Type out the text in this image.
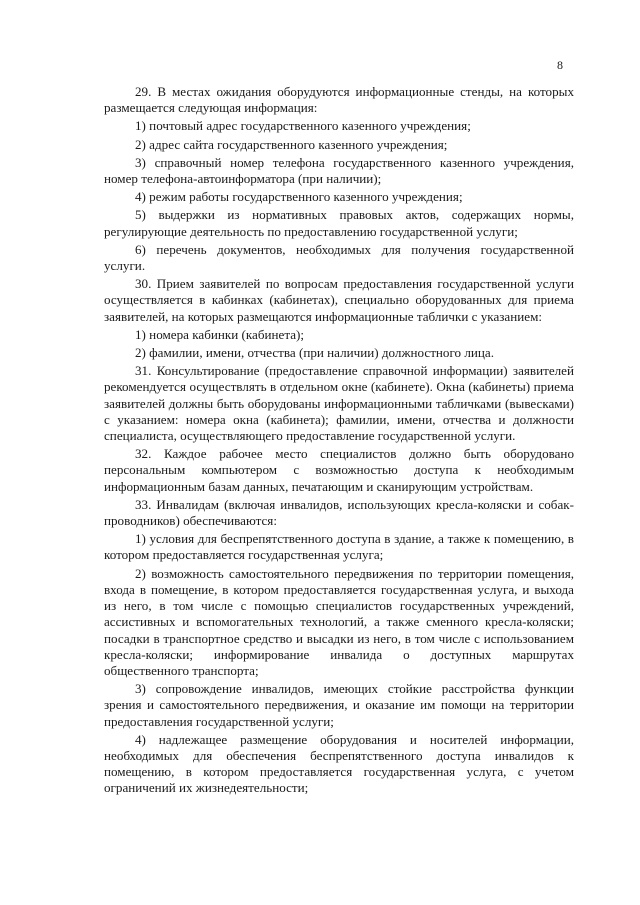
8

29. В местах ожидания оборудуются информационные стенды, на которых размещается следующая информация:

1) почтовый адрес государственного казенного учреждения;

2) адрес сайта государственного казенного учреждения;

3) справочный номер телефона государственного казенного учреждения, номер телефона-автоинформатора (при наличии);

4) режим работы государственного казенного учреждения;

5) выдержки из нормативных правовых актов, содержащих нормы, регулирующие деятельность по предоставлению государственной услуги;

6) перечень документов, необходимых для получения государственной услуги.

30. Прием заявителей по вопросам предоставления государственной услуги осуществляется в кабинках (кабинетах), специально оборудованных для приема заявителей, на которых размещаются информационные таблички с указанием:

1) номера кабинки (кабинета);

2) фамилии, имени, отчества (при наличии) должностного лица.

31. Консультирование (предоставление справочной информации) заявителей рекомендуется осуществлять в отдельном окне (кабинете). Окна (кабинеты) приема заявителей должны быть оборудованы информационными табличками (вывесками) с указанием: номера окна (кабинета); фамилии, имени, отчества и должности специалиста, осуществляющего предоставление государственной услуги.

32. Каждое рабочее место специалистов должно быть оборудовано персональным компьютером с возможностью доступа к необходимым информационным базам данных, печатающим и сканирующим устройствам.

33. Инвалидам (включая инвалидов, использующих кресла-коляски и собак-проводников) обеспечиваются:

1) условия для беспрепятственного доступа в здание, а также к помещению, в котором предоставляется государственная услуга;

2) возможность самостоятельного передвижения по территории помещения, входа в помещение, в котором предоставляется государственная услуга, и выхода из него, в том числе с помощью специалистов государственных учреждений, ассистивных и вспомогательных технологий, а также сменного кресла-коляски; посадки в транспортное средство и высадки из него, в том числе с использованием кресла-коляски; информирование инвалида о доступных маршрутах общественного транспорта;

3) сопровождение инвалидов, имеющих стойкие расстройства функции зрения и самостоятельного передвижения, и оказание им помощи на территории предоставления государственной услуги;

4) надлежащее размещение оборудования и носителей информации, необходимых для обеспечения беспрепятственного доступа инвалидов к помещению, в котором предоставляется государственная услуга, с учетом ограничений их жизнедеятельности;
